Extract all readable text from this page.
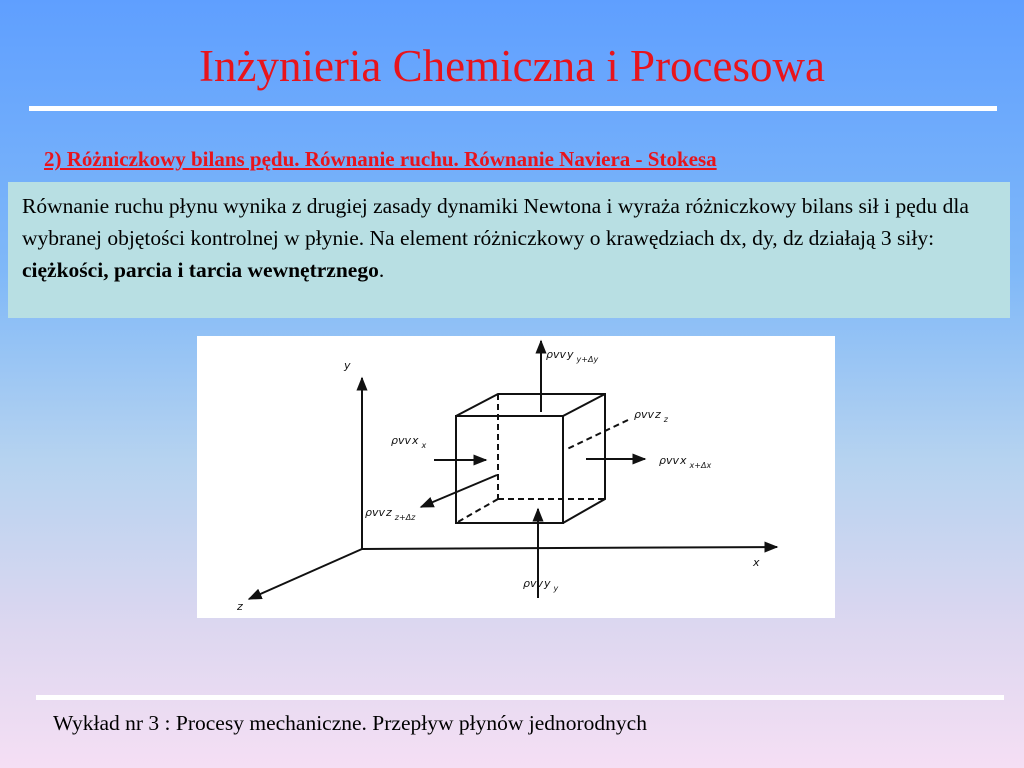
Inżynieria Chemiczna i Procesowa
2) Różniczkowy bilans pędu. Równanie ruchu. Równanie Naviera - Stokesa
Równanie ruchu płynu wynika z drugiej zasady dynamiki Newtona i wyraża różniczkowy bilans sił i pędu dla wybranej objętości kontrolnej w płynie. Na element różniczkowy o krawędziach dx, dy, dz działają 3 siły: ciężkości, parcia i tarcia wewnętrznego.
y
x
z
ρvvy $_{y+\Delta y}$
ρvvy $_y$
ρvvx $_x$
ρvvx $_{x+\Delta x}$
ρvvz $_z$
ρvvz $_{z+\Delta z}$
Wykład nr 3 : Procesy mechaniczne. Przepływ płynów jednorodnych
